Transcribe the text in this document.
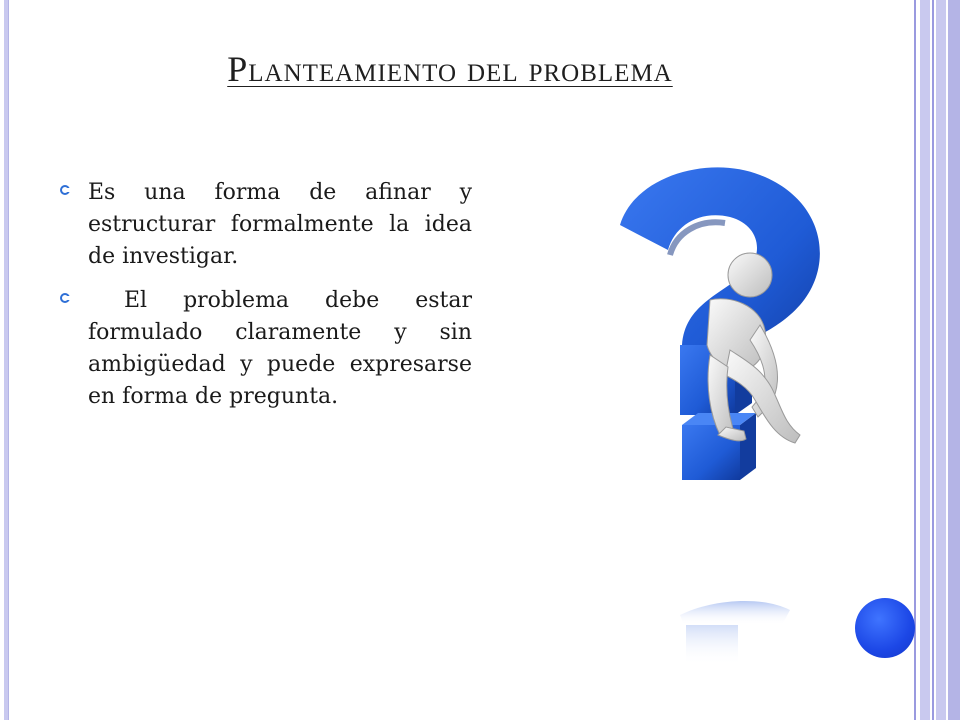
Planteamiento del problema
Es una forma de afinar y estructurar formalmente la idea de investigar.
El problema debe estar formulado claramente y sin ambigüedad y puede expresarse en forma de pregunta.
